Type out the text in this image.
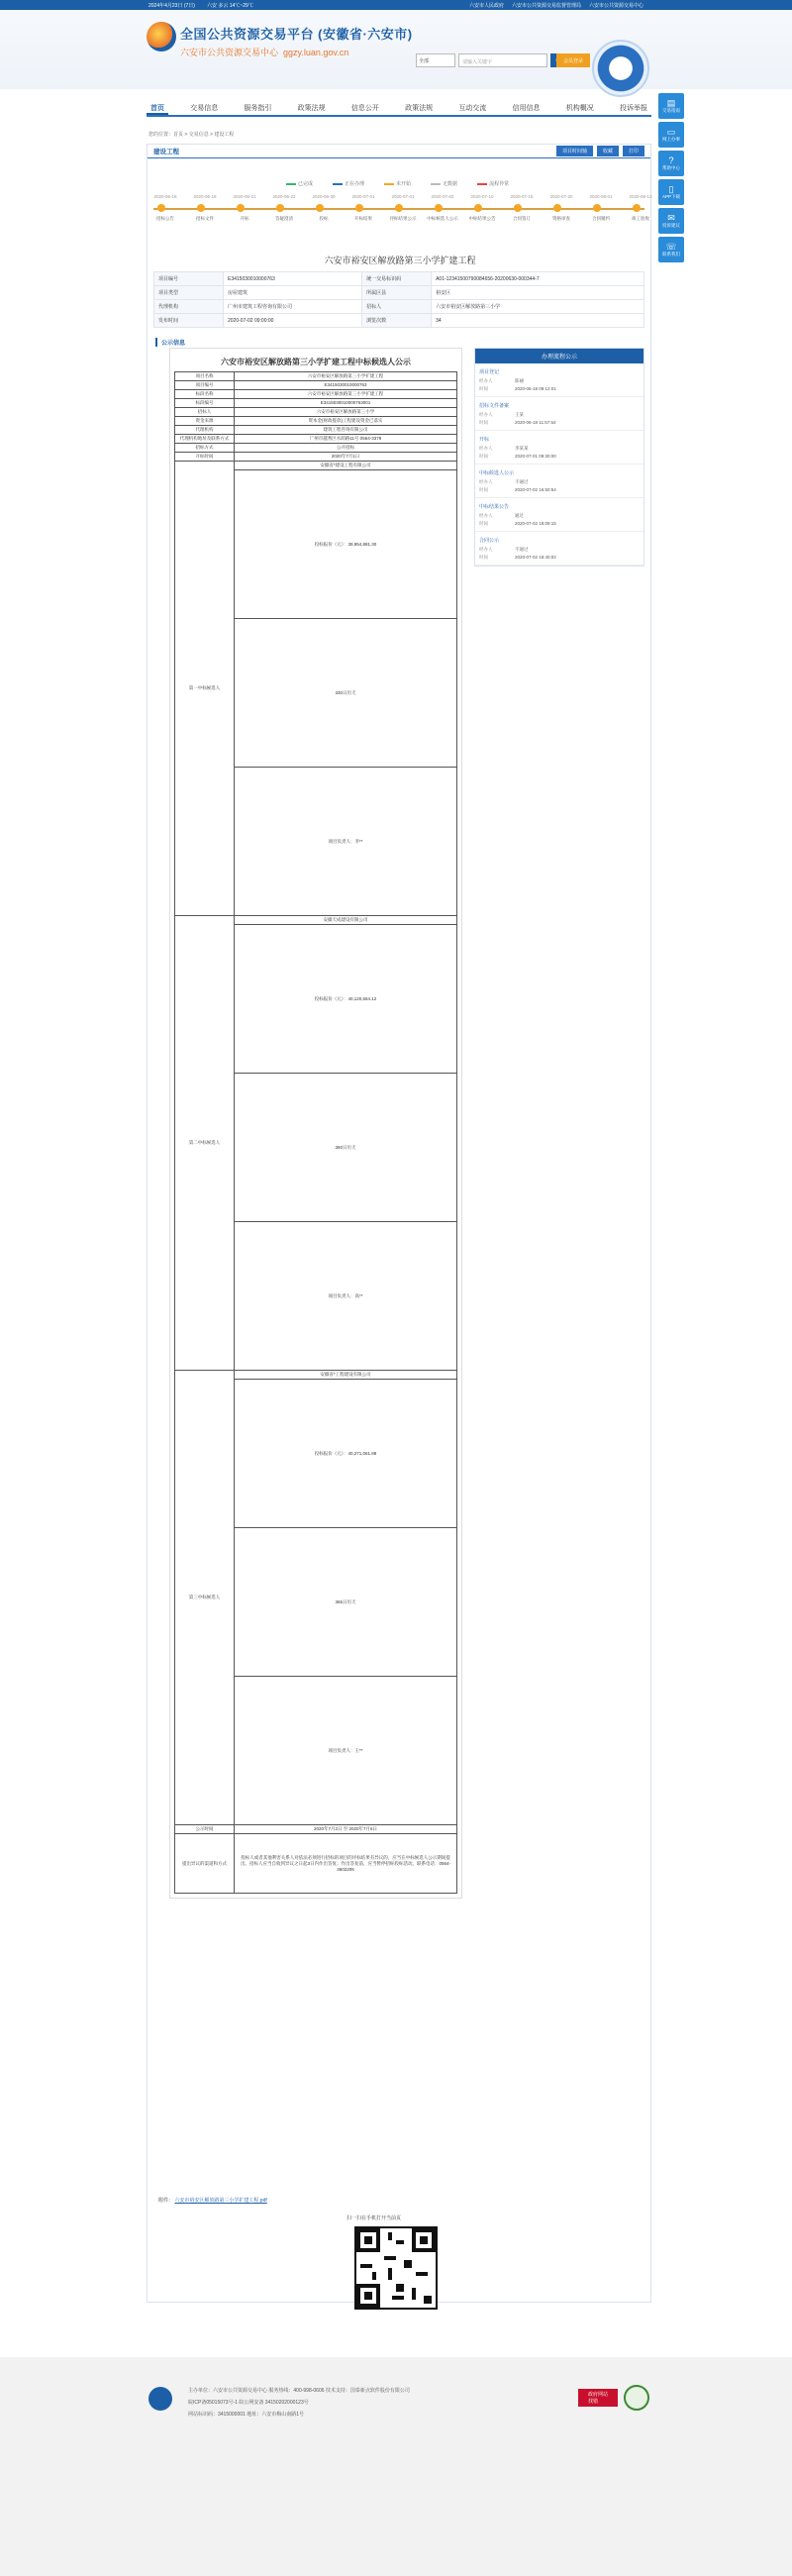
2024年4月23日 (7日) 六安 多云 14℃~29℃	六安市人民政府 六安市公共资源交易监督管理局 六安市公共资源交易中心
全国公共资源交易平台 (安徽省·六安市)
六安市公共资源交易中心 ggzy.luan.gov.cn
全部	请输入关键字	会员登录
首页	交易信息	服务指引	政策法规	信息公开	政策法规	互动交流	信用信息	机构概况	投诉举报
您的位置：首页 > 交易信息 > 建设工程
▤
交易指南
▭
网上办事
?
帮助中心
▯
APP下载
✉
投诉建议
☏
联系我们
建设工程	项目时间轴	收藏	打印
已完成	正在办理	未开始	无数据	流程异常
2020-06-18
招标公告
2020-06-18
招标文件
2020-06-21
开标
2020-06-22
答疑澄清
2020-06-30
投标
2020-07-01
开标结果
2020-07-01
评标结果公示
2020-07-02
中标候选人公示
2020-07-10
中标结果公告
2020-07-15
合同签订
2020-07-20
资格审查
2020-08-01
合同履约
2020-08-13
竣工验收
六安市裕安区解放路第三小学扩建工程
项目编号	E3415030010000763	统一交易标识码	A01-12341500790084656-20200630-000344-7
项目类型	房屋建筑	所属区县	裕安区
代理机构	广州市建筑工程咨询有限公司	招标人	六安市裕安区解放路第三小学
发布时间	2020-07-02 09:00:00	浏览次数	34
公示信息
六安市裕安区解放路第三小学扩建工程中标候选人公示
项目名称	六安市裕安区解放路第三小学扩建工程
项目编号	E3415030010000763
标段名称	六安市裕安区解放路第三小学扩建工程
标段编号	E3415030010000763001
招标人	六安市裕安区解放路第三小学
资金来源	资本金(财政拨款)工程建设资金已落实
代理机构	建筑工程咨询有限公司
代理机构地址及联系方式	广州市越秀区水荫路11号 0564-3379
招标方式	公开招标
开标时间	2020年7月1日
第一中标候选人	安徽省*建设工程有限公司
	投标报价（元）：39,954,881.30
	330日历天
	项目负责人：李**
第二中标候选人	安徽天成建设有限公司
	投标报价（元）：40,120,654.12
	360日历天
	项目负责人：高**
第三中标候选人	安徽省*工程建设有限公司
	投标报价（元）：40,271,061.88
	365日历天
	项目负责人：王**
公示时间	2020年7月2日 至 2020年7月6日
提出异议的渠道和方式	投标人或者其他利害关系人对依法必须进行招标的项目的评标结果有异议的，应当在中标候选人公示期间提出。招标人应当自收到异议之日起3日内作出答复；作出答复前，应当暂停招标投标活动。联系电话：0564-3602206
办理流程公示
项目登记
经办人	陈丽
时间	2020-06-18 09:12:01
招标文件备案
经办人	王某
时间	2020-06-18 11:57:54
开标
经办人	李某某
时间	2020-07-01 09:30:00
中标候选人公示
经办人	不通过
时间	2020-07-02 16:50:54
中标结果公告
经办人	通过
时间	2020-07-02 18:09:15
合同公示
经办人	不通过
时间	2020-07-02 18:40:02
附件： 六安市裕安区解放路第三小学扩建工程.pdf
扫一扫在手机打开当前页
主办单位：六安市公共资源交易中心 服务热线：400-998-0606 技术支持：国泰新点软件股份有限公司
皖ICP备05015073号-1 皖公网安备 34150202000123号
网站标识码：3415000001 地址：六安市梅山南路1号
政府网站
找错
